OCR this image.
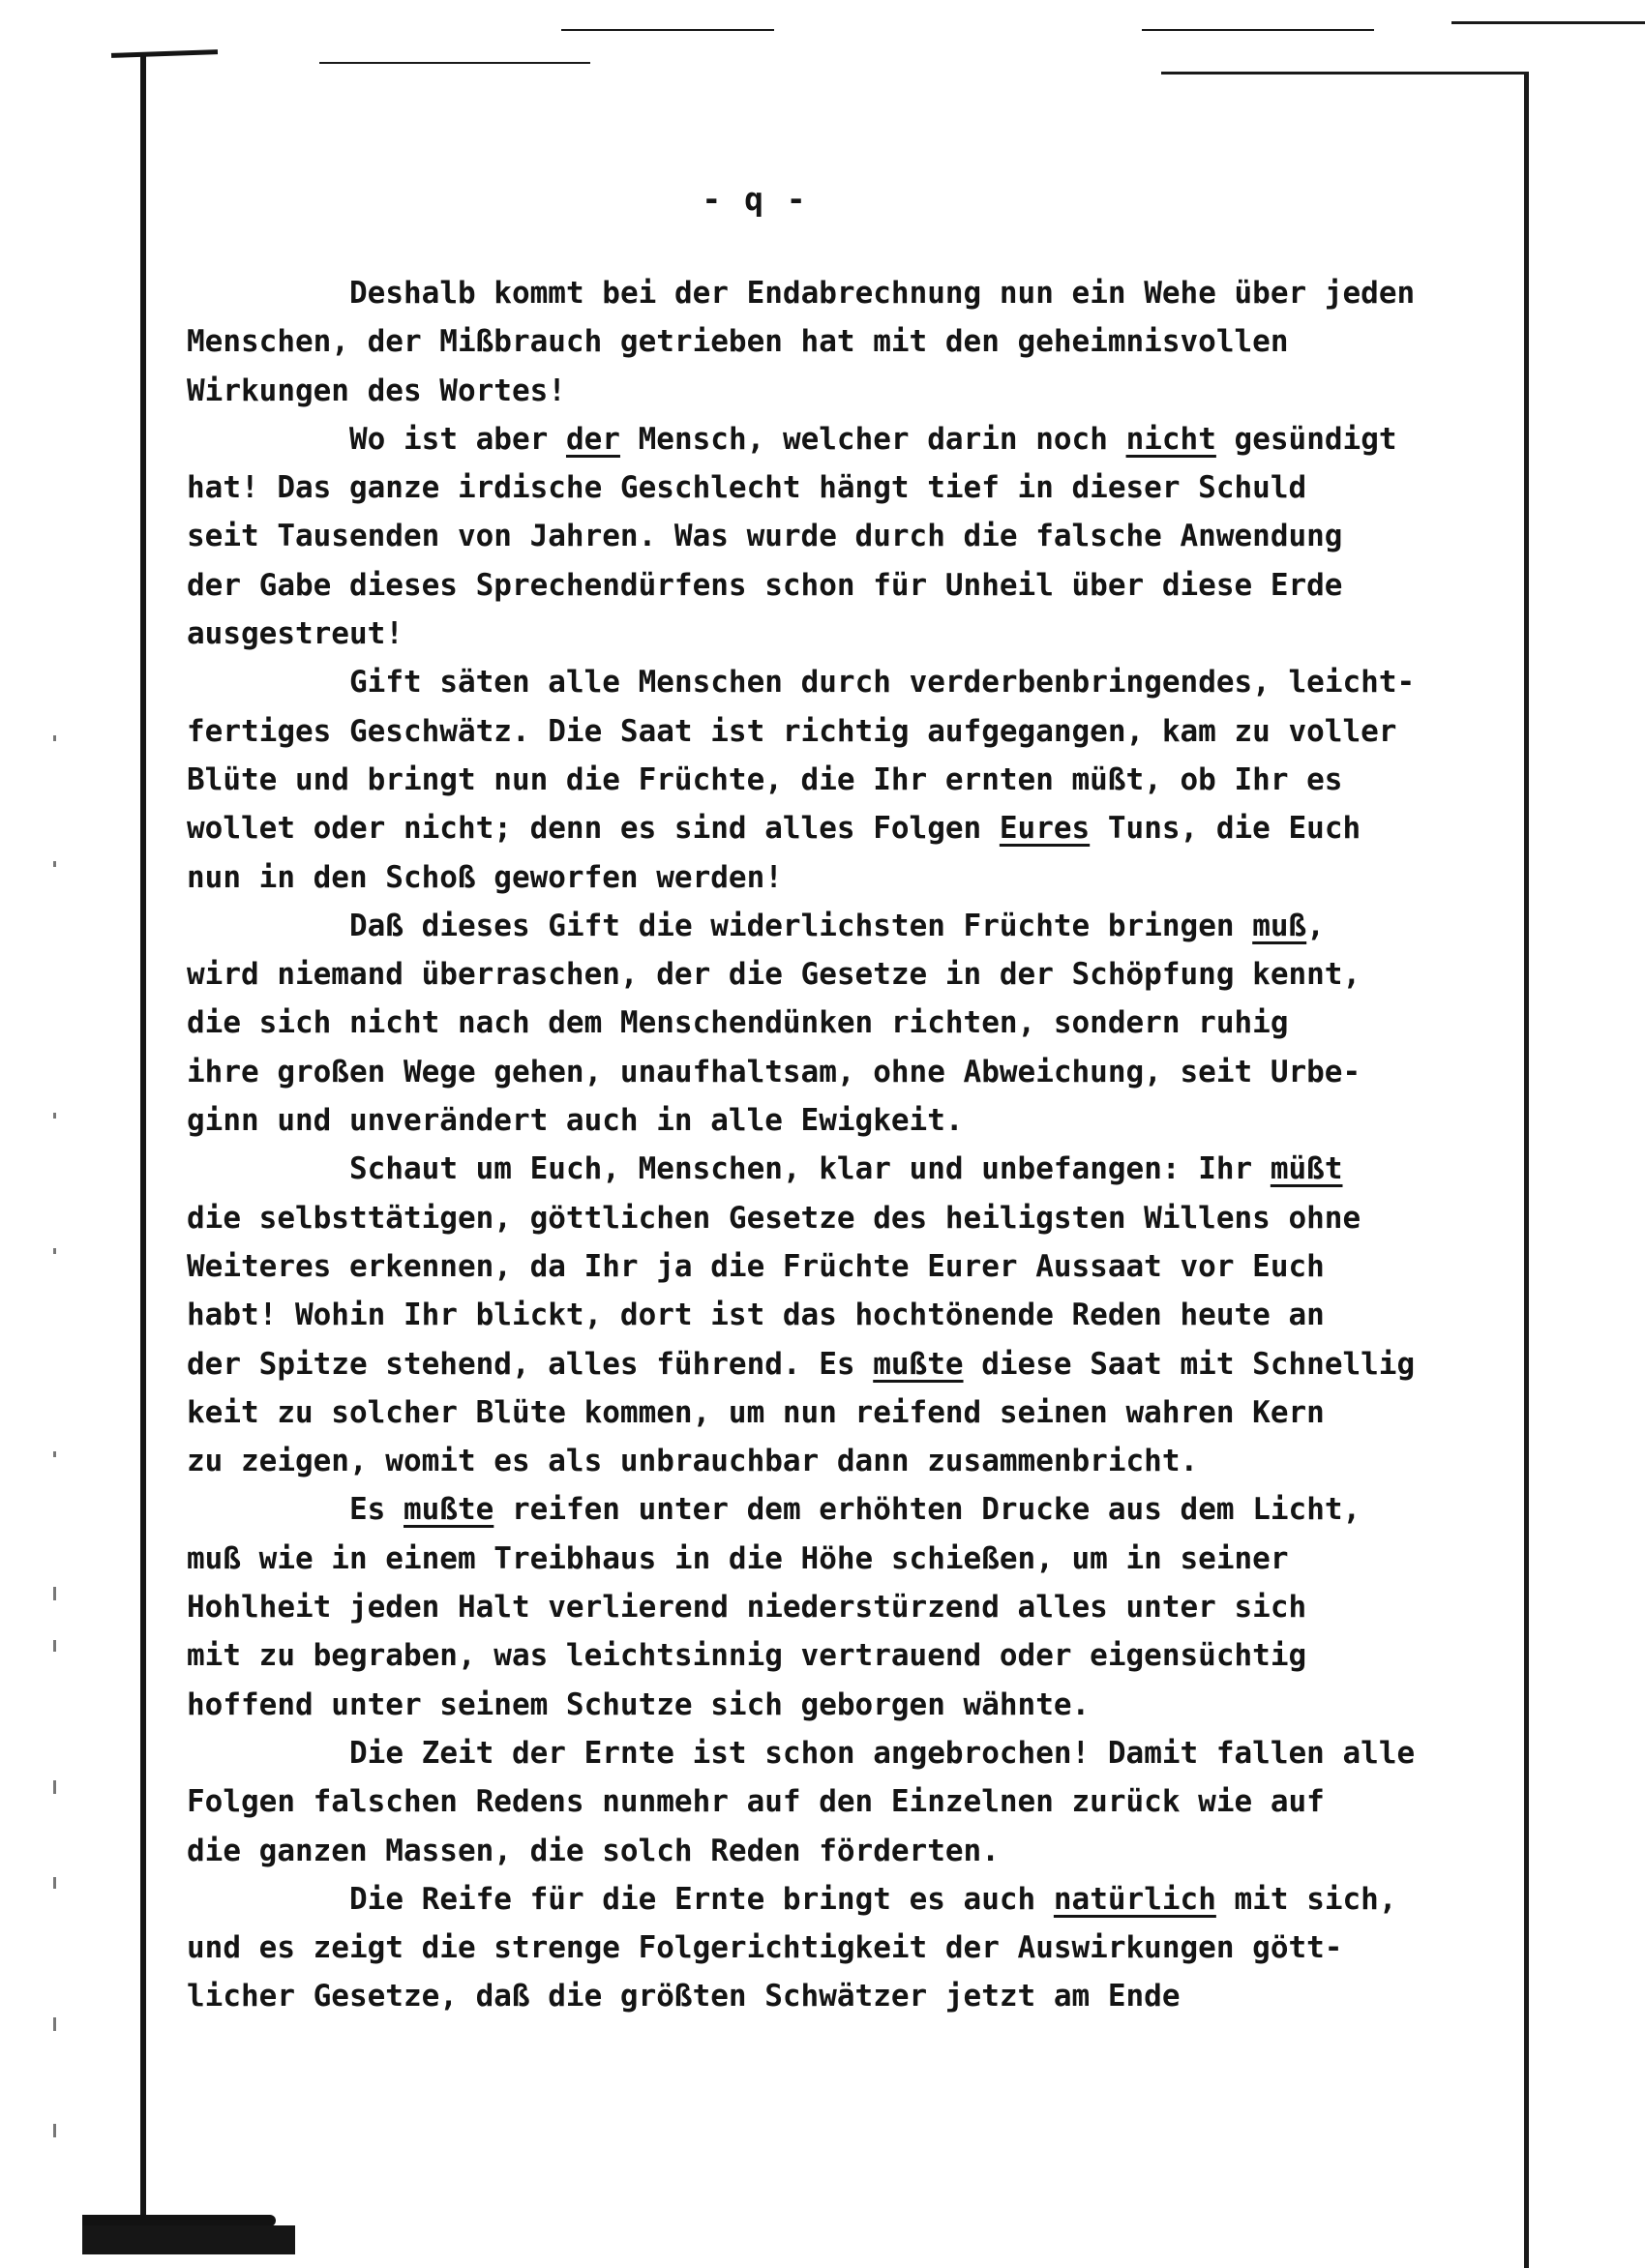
- q -
Deshalb kommt bei der Endabrechnung nun ein Wehe über jeden
Menschen, der Mißbrauch getrieben hat mit den geheimnisvollen
Wirkungen des Wortes!
Wo ist aber der Mensch, welcher darin noch nicht gesündigt
hat! Das ganze irdische Geschlecht hängt tief in dieser Schuld
seit Tausenden von Jahren. Was wurde durch die falsche Anwendung
der Gabe dieses Sprechendürfens schon für Unheil über diese Erde
ausgestreut!
Gift säten alle Menschen durch verderbenbringendes, leicht-
fertiges Geschwätz. Die Saat ist richtig aufgegangen, kam zu voller
Blüte und bringt nun die Früchte, die Ihr ernten müßt, ob Ihr es
wollet oder nicht; denn es sind alles Folgen Eures Tuns, die Euch
nun in den Schoß geworfen werden!
Daß dieses Gift die widerlichsten Früchte bringen muß,
wird niemand überraschen, der die Gesetze in der Schöpfung kennt,
die sich nicht nach dem Menschendünken richten, sondern ruhig
ihre großen Wege gehen, unaufhaltsam, ohne Abweichung, seit Urbe-
ginn und unverändert auch in alle Ewigkeit.
Schaut um Euch, Menschen, klar und unbefangen: Ihr müßt
die selbsttätigen, göttlichen Gesetze des heiligsten Willens ohne
Weiteres erkennen, da Ihr ja die Früchte Eurer Aussaat vor Euch
habt! Wohin Ihr blickt, dort ist das hochtönende Reden heute an
der Spitze stehend, alles führend. Es mußte diese Saat mit Schnellig
keit zu solcher Blüte kommen, um nun reifend seinen wahren Kern
zu zeigen, womit es als unbrauchbar dann zusammenbricht.
Es mußte reifen unter dem erhöhten Drucke aus dem Licht,
muß wie in einem Treibhaus in die Höhe schießen, um in seiner
Hohlheit jeden Halt verlierend niederstürzend alles unter sich
mit zu begraben, was leichtsinnig vertrauend oder eigensüchtig
hoffend unter seinem Schutze sich geborgen wähnte.
Die Zeit der Ernte ist schon angebrochen! Damit fallen alle
Folgen falschen Redens nunmehr auf den Einzelnen zurück wie auf
die ganzen Massen, die solch Reden förderten.
Die Reife für die Ernte bringt es auch natürlich mit sich,
und es zeigt die strenge Folgerichtigkeit der Auswirkungen gött-
licher Gesetze, daß die größten Schwätzer jetzt am Ende
